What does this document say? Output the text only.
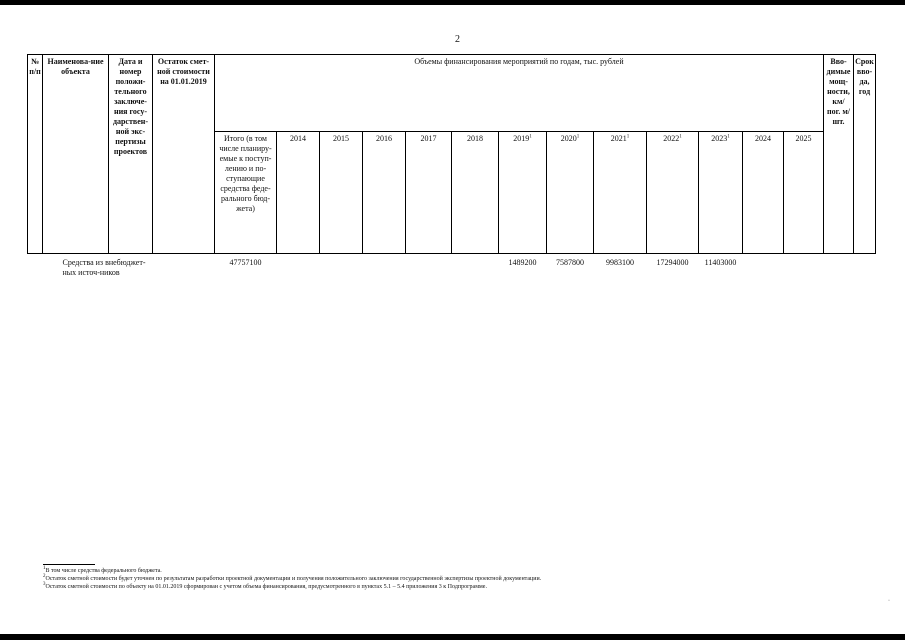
2
№ п/п	Наименова-ние объекта	Дата и номер положи-тельного заключе-ния госу-дарствен-ной экс-пертизы проектов	Остаток смет-ной стоимости на 01.01.2019	Объемы финансирования мероприятий по годам, тыс. рублей													Вво-димые мощ-ности, км/ пог. м/шт.	Срок вво-да, год
				Итого (в том числе планиру-емые к поступ-лению и по-ступающие средства феде-рального бюд-жета)	2014	2015	2016	2017	2018	2019$^1$	2020$^1$	2021$^1$	2022$^1$	2023$^1$	2024	2025		
	Средства из внебюджет-ных источ-ников			47757100						1489200	7587800	9983100	17294000	11403000				
$^1$В том числе средства федерального бюджета.
$^2$Остаток сметной стоимости будет уточнен по результатам разработки проектной документации и получения положительного заключения государственной экспертизы проектной документации.
$^3$Остаток сметной стоимости по объекту на 01.01.2019 сформирован с учетом объема финансирования, предусмотренного в пунктах 5.1 – 5.4 приложения 3 к Подпрограмме.
·
